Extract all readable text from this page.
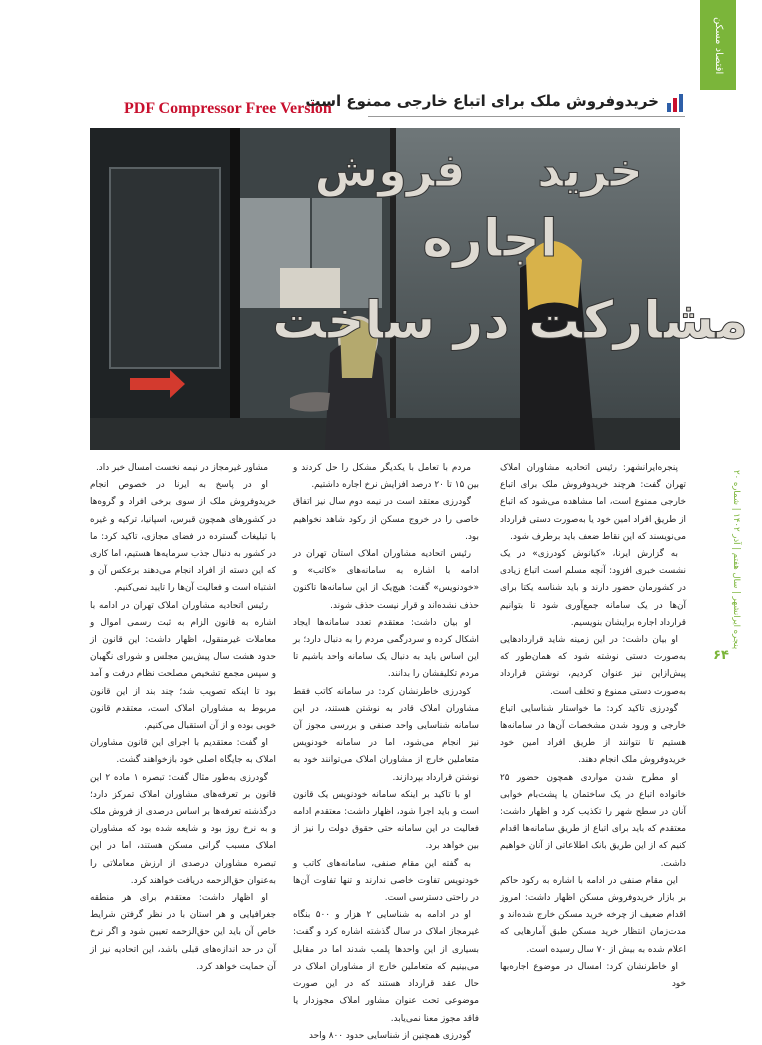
اقتصاد مسکن
پنجره ایرانشهر | سال هفتم | آذر ۱۴۰۲ | شماره ۲۰
۶۴
PDF Compressor Free Version
خریدوفروش ملک برای اتباع خارجی ممنوع است
خرید
فروش
اجاره
مشارکت در ساخت

پنجره‌ایرانشهر: رئیس اتحادیه مشاوران املاک تهران گفت: هرچند خریدوفروش ملک برای اتباع خارجی ممنوع است، اما مشاهده می‌شود که اتباع از طریق افراد امین خود یا به‌صورت دستی قرارداد می‌نویسند که این نقاط ضعف باید برطرف شود.

به گزارش ایرنا، «کیانوش کودرزی» در یک نشست خبری افزود: آنچه مسلم است اتباع زیادی در کشورمان حضور دارند و باید شناسه یکتا برای آن‌ها در یک سامانه جمع‌آوری شود تا بتوانیم قرارداد اجاره برایشان بنویسیم.

او بیان داشت: در این زمینه شاید قراردادهایی به‌صورت دستی نوشته شود که همان‌طور که پیش‌ازاین نیز عنوان کردیم، نوشتن قرارداد به‌صورت دستی ممنوع و تخلف است.

گودرزی تاکید کرد: ما خواستار شناسایی اتباع خارجی و ورود شدن مشخصات آن‌ها در سامانه‌ها هستیم تا نتوانند از طریق افراد امین خود خریدوفروش ملک انجام دهند.

او مطرح شدن مواردی همچون حضور ۲۵ خانواده اتباع در یک ساختمان یا پشت‌بام خوابی آنان در سطح شهر را تکذیب کرد و اظهار داشت: معتقدم که باید برای اتباع از طریق سامانه‌ها اقدام کنیم که از این طریق بانک اطلاعاتی از آنان خواهیم داشت.

این مقام صنفی در ادامه با اشاره به رکود حاکم بر بازار خریدوفروش مسکن اظهار داشت: امروز اقدام ضعیف از چرخه خرید مسکن خارج شده‌اند و مدت‌زمان انتظار خرید مسکن طبق آمارهایی که اعلام شده به بیش از ۷۰ سال رسیده است.

او خاطرنشان کرد: امسال در موضوع اجاره‌بها خود

مردم با تعامل با یکدیگر مشکل را حل کردند و بین ۱۵ تا ۲۰ درصد افزایش نرخ اجاره داشتیم.

گودرزی معتقد است در نیمه دوم سال نیز اتفاق خاصی را در خروج مسکن از رکود شاهد نخواهیم بود.

رئیس اتحادیه مشاوران املاک استان تهران در ادامه با اشاره به سامانه‌های «کاتب» و «خودنویس» گفت: هیچ‌یک از این سامانه‌ها تاکنون حذف نشده‌اند و قرار نیست حذف شوند.

او بیان داشت: معتقدم تعدد سامانه‌ها ایجاد اشکال کرده و سردرگمی مردم را به دنبال دارد؛ بر این اساس باید به دنبال یک سامانه واحد باشیم تا مردم تکلیفشان را بدانند.

کودرزی خاطرنشان کرد: در سامانه کاتب فقط مشاوران املاک قادر به نوشتن هستند، در این سامانه شناسایی واحد صنفی و بررسی مجوز آن نیز انجام می‌شود، اما در سامانه خودنویس متعاملین خارج از مشاوران املاک می‌توانند خود به نوشتن قرارداد بپردازند.

او با تاکید بر اینکه سامانه خودنویس یک قانون است و باید اجرا شود، اظهار داشت: معتقدم ادامه فعالیت در این سامانه حتی حقوق دولت را نیز از بین خواهد برد.

به گفته این مقام صنفی، سامانه‌های کاتب و خودنویس تفاوت خاصی ندارند و تنها تفاوت آن‌ها در راحتی دسترسی است.

او در ادامه به شناسایی ۲ هزار و ۵۰۰ بنگاه غیرمجاز املاک در سال گذشته اشاره کرد و گفت: بسیاری از این واحدها پلمب شدند اما در مقابل می‌بینیم که متعاملین خارج از مشاوران املاک در حال عقد قرارداد هستند که در این صورت موضوعی تحت عنوان مشاور املاک مجوزدار یا فاقد مجوز معنا نمی‌یابد.

گودرزی همچنین از شناسایی حدود ۸۰۰ واحد

مشاور غیرمجاز در نیمه نخست امسال خبر داد.

او در پاسخ به ایرنا در خصوص انجام خریدوفروش ملک از سوی برخی افراد و گروه‌ها در کشورهای همچون قبرس، اسپانیا، ترکیه و غیره با تبلیغات گسترده در فضای مجازی، تاکید کرد: ما در کشور به دنبال جذب سرمایه‌ها هستیم، اما کاری که این دسته از افراد انجام می‌دهند برعکس آن و اشتباه است و فعالیت آن‌ها را تایید نمی‌کنیم.

رئیس اتحادیه مشاوران املاک تهران در ادامه با اشاره به قانون الزام به ثبت رسمی اموال و معاملات غیرمنقول، اظهار داشت: این قانون از حدود هشت سال پیش‌بین مجلس و شورای نگهبان و سپس مجمع تشخیص مصلحت نظام درفت و آمد بود تا اینکه تصویب شد؛ چند بند از این قانون مربوط به مشاوران املاک است، معتقدم قانون خوبی بوده و از آن استقبال می‌کنیم.

او گفت: معتقدیم با اجرای این قانون مشاوران املاک به جایگاه اصلی خود بازخواهند گشت.

گودرزی به‌طور مثال گفت: تبصره ۱ ماده ۲ این قانون بر تعرفه‌های مشاوران املاک تمرکز دارد؛ درگذشته تعرفه‌ها بر اساس درصدی از فروش ملک و به نرخ روز بود و شایعه شده بود که مشاوران املاک مسبب گرانی مسکن هستند، اما در این تبصره مشاوران درصدی از ارزش معاملاتی را به‌عنوان حق‌الزحمه دریافت خواهند کرد.

او اظهار داشت: معتقدم برای هر منطقه جغرافیایی و هر استان با در نظر گرفتن شرایط خاص آن باید این حق‌الزحمه تعیین شود و اگر نرخ آن در حد اندازه‌های قبلی باشد، این اتحادیه نیز از آن حمایت خواهد کرد.
